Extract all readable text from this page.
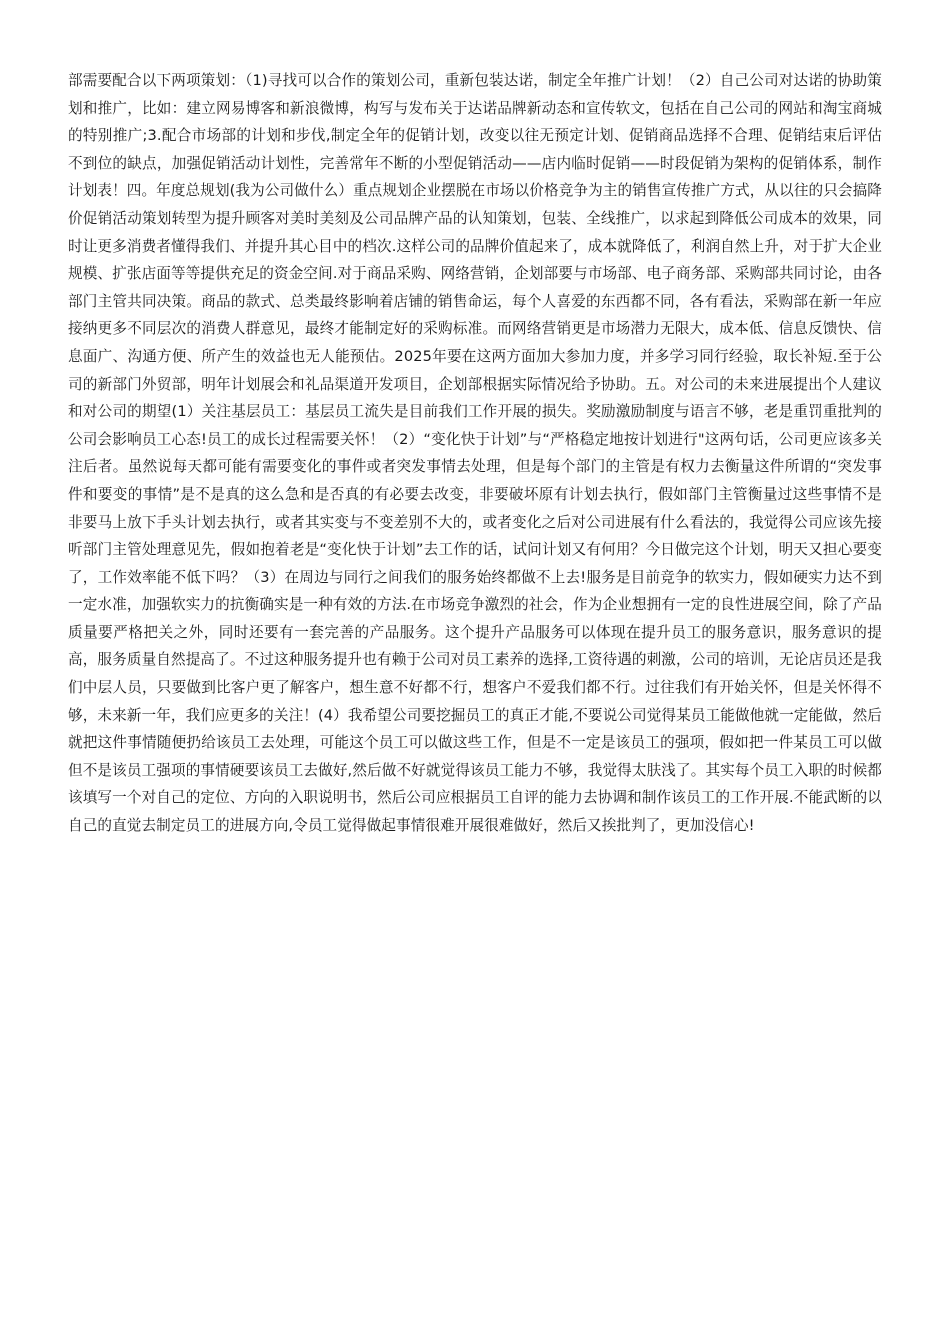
部需要配合以下两项策划：（1)寻找可以合作的策划公司，重新包装达诺，制定全年推广计划！（2）自己公司对达诺的协助策划和推广，比如：建立网易博客和新浪微博，构写与发布关于达诺品牌新动态和宣传软文，包括在自己公司的网站和淘宝商城的特别推广;3.配合市场部的计划和步伐,制定全年的促销计划，改变以往无预定计划、促销商品选择不合理、促销结束后评估不到位的缺点，加强促销活动计划性，完善常年不断的小型促销活动——店内临时促销——时段促销为架构的促销体系，制作计划表！四。年度总规划(我为公司做什么）重点规划企业摆脱在市场以价格竞争为主的销售宣传推广方式，从以往的只会搞降价促销活动策划转型为提升顾客对美时美刻及公司品牌产品的认知策划，包装、全线推广，以求起到降低公司成本的效果，同时让更多消费者懂得我们、并提升其心目中的档次.这样公司的品牌价值起来了，成本就降低了，利润自然上升，对于扩大企业规模、扩张店面等等提供充足的资金空间.对于商品采购、网络营销，企划部要与市场部、电子商务部、采购部共同讨论，由各部门主管共同决策。商品的款式、总类最终影响着店铺的销售命运，每个人喜爱的东西都不同，各有看法，采购部在新一年应接纳更多不同层次的消费人群意见，最终才能制定好的采购标准。而网络营销更是市场潜力无限大，成本低、信息反馈快、信息面广、沟通方便、所产生的效益也无人能预估。2025年要在这两方面加大参加力度，并多学习同行经验，取长补短.至于公司的新部门外贸部，明年计划展会和礼品渠道开发项目，企划部根据实际情况给予协助。五。对公司的未来进展提出个人建议和对公司的期望(1）关注基层员工：基层员工流失是目前我们工作开展的损失。奖励激励制度与语言不够，老是重罚重批判的公司会影响员工心态!员工的成长过程需要关怀！（2）“变化快于计划”与“严格稳定地按计划进行"这两句话，公司更应该多关注后者。虽然说每天都可能有需要变化的事件或者突发事情去处理，但是每个部门的主管是有权力去衡量这件所谓的“突发事件和要变的事情”是不是真的这么急和是否真的有必要去改变，非要破坏原有计划去执行，假如部门主管衡量过这些事情不是非要马上放下手头计划去执行，或者其实变与不变差别不大的，或者变化之后对公司进展有什么看法的，我觉得公司应该先接听部门主管处理意见先，假如抱着老是“变化快于计划”去工作的话，试问计划又有何用？今日做完这个计划，明天又担心要变了，工作效率能不低下吗？（3）在周边与同行之间我们的服务始终都做不上去!服务是目前竞争的软实力，假如硬实力达不到一定水准，加强软实力的抗衡确实是一种有效的方法.在市场竞争激烈的社会，作为企业想拥有一定的良性进展空间，除了产品质量要严格把关之外，同时还要有一套完善的产品服务。这个提升产品服务可以体现在提升员工的服务意识，服务意识的提高，服务质量自然提高了。不过这种服务提升也有赖于公司对员工素养的选择,工资待遇的刺激，公司的培训，无论店员还是我们中层人员，只要做到比客户更了解客户，想生意不好都不行，想客户不爱我们都不行。过往我们有开始关怀，但是关怀得不够，未来新一年，我们应更多的关注！(4）我希望公司要挖掘员工的真正才能,不要说公司觉得某员工能做他就一定能做，然后就把这件事情随便扔给该员工去处理，可能这个员工可以做这些工作，但是不一定是该员工的强项，假如把一件某员工可以做但不是该员工强项的事情硬要该员工去做好,然后做不好就觉得该员工能力不够，我觉得太肤浅了。其实每个员工入职的时候都该填写一个对自己的定位、方向的入职说明书，然后公司应根据员工自评的能力去协调和制作该员工的工作开展.不能武断的以自己的直觉去制定员工的进展方向,令员工觉得做起事情很难开展很难做好，然后又挨批判了，更加没信心!
